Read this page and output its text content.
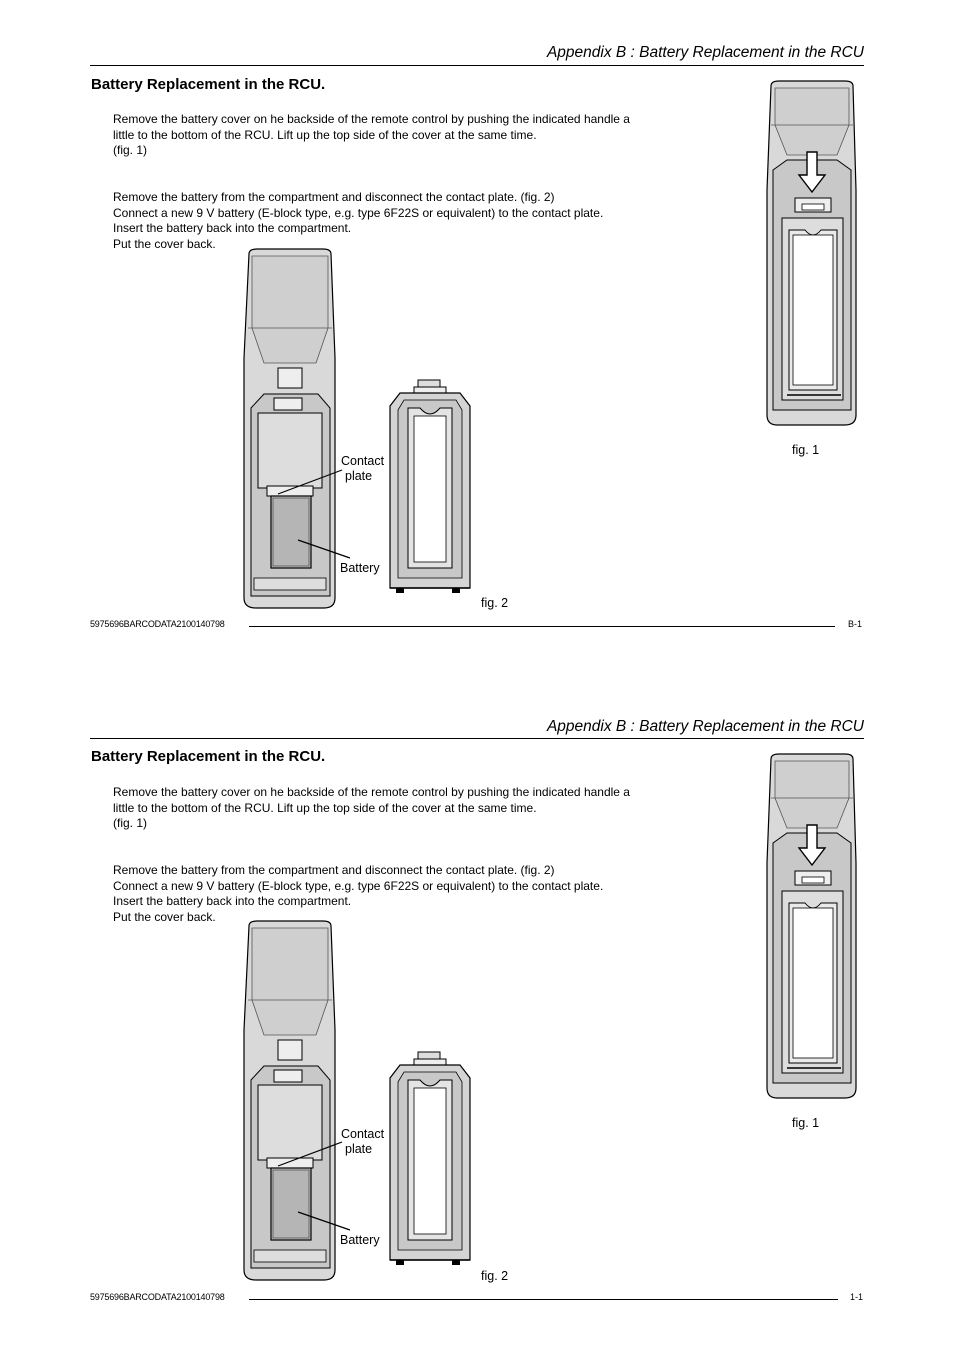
Appendix B : Battery Replacement in the RCU
Battery Replacement in the RCU.
Remove the battery cover on he backside of the remote control by pushing the indicated handle a
little to the bottom of the RCU. Lift up the top side of the cover at the same time.
(fig. 1)
Remove the battery from the compartment and disconnect the contact plate. (fig. 2)
Connect a new 9 V battery (E-block type, e.g. type 6F22S or equivalent) to the contact plate.
Insert the battery back into the compartment.
Put the cover back.
fig. 1
Contact
plate
Battery
fig. 2
5975696BARCODATA2100140798	B-1
Appendix B : Battery Replacement in the RCU
Battery Replacement in the RCU.
Remove the battery cover on he backside of the remote control by pushing the indicated handle a
little to the bottom of the RCU. Lift up the top side of the cover at the same time.
(fig. 1)
Remove the battery from the compartment and disconnect the contact plate. (fig. 2)
Connect a new 9 V battery (E-block type, e.g. type 6F22S or equivalent) to the contact plate.
Insert the battery back into the compartment.
Put the cover back.
fig. 1
Contact
plate
Battery
fig. 2
5975696BARCODATA2100140798	1-1
